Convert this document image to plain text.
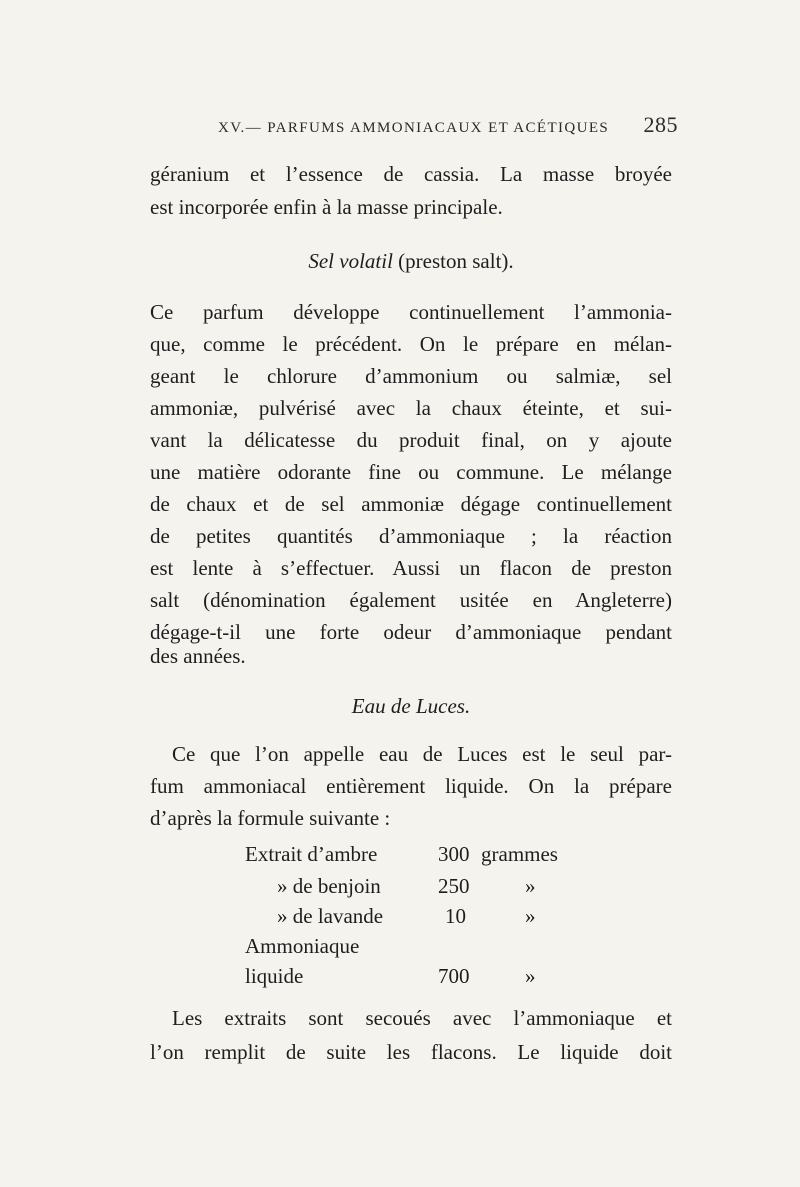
XV.— PARFUMS AMMONIACAUX ET ACÉTIQUES 285
géranium et l’essence de cassia. La masse broyée
est incorporée enfin à la masse principale.
Sel volatil (preston salt).
Ce parfum développe continuellement l’ammonia-
que, comme le précédent. On le prépare en mélan-
geant le chlorure d’ammonium ou salmiæ, sel
ammoniæ, pulvérisé avec la chaux éteinte, et sui-
vant la délicatesse du produit final, on y ajoute
une matière odorante fine ou commune. Le mélange
de chaux et de sel ammoniæ dégage continuellement
de petites quantités d’ammoniaque ; la réaction
est lente à s’effectuer. Aussi un flacon de preston
salt (dénomination également usitée en Angleterre)
dégage-t-il une forte odeur d’ammoniaque pendant
des années.
Eau de Luces.
Ce que l’on appelle eau de Luces est le seul par-
fum ammoniacal entièrement liquide. On la prépare
d’après la formule suivante :
Extrait d’ambre	300 grammes
» de benjoin	250	»
» de lavande	10	»
Ammoniaque
liquide	700	»
Les extraits sont secoués avec l’ammoniaque et
l’on remplit de suite les flacons. Le liquide doit
